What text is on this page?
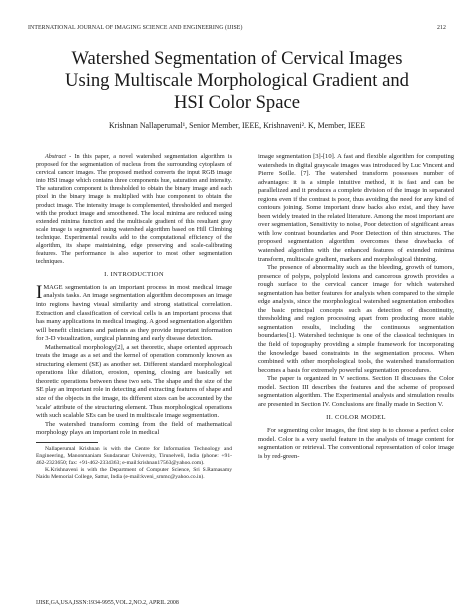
INTERNATIONAL JOURNAL OF IMAGING SCIENCE AND ENGINEERING (IJISE)	212
Watershed Segmentation of Cervical Images
Using Multiscale Morphological Gradient and
HSI Color Space
Krishnan Nallaperumal¹, Senior Member, IEEE, Krishnaveni². K, Member, IEEE

Abstract - In this paper, a novel watershed segmentation algorithm is proposed for the segmentation of nucleus from the surrounding cytoplasm of cervical cancer images. The proposed method converts the input RGB image into HSI image which contains three components hue, saturation and intensity. The saturation component is thresholded to obtain the binary image and each pixel in the binary image is multiplied with hue component to obtain the product image. The intensity image is complemented, thresholded and merged with the product image and smoothened. The local minima are reduced using extended minima function and the multiscale gradient of this resultant gray scale image is segmented using watershed algorithm based on Hill Climbing technique. Experimental results add to the computational efficiency of the algorithm, its shape maintaining, edge preserving and scale-calibrating features. The performance is also superior to most other segmentation techniques.

I. INTRODUCTION

IMAGE segmentation is an important process in most medical image analysis tasks. An image segmentation algorithm decomposes an image into regions having visual similarity and strong statistical correlation. Extraction and classification of cervical cells is an important process that has many applications in medical imaging. A good segmentation algorithm will benefit clinicians and patients as they provide important information for 3-D visualization, surgical planning and early disease detection.

Mathematical morphology[2], a set theoretic, shape oriented approach treats the image as a set and the kernel of operation commonly known as structuring element (SE) as another set. Different standard morphological operations like dilation, erosion, opening, closing are basically set theoretic operations between these two sets. The shape and the size of the SE play an important role in detecting and extracting features of shape and size of the objects in the image, its different sizes can be accounted by the 'scale' attribute of the structuring element. Thus morphological operations with such scalable SEs can be used in multiscale image segmentation.

The watershed transform coming from the field of mathematical morphology plays an important role in medical

Nallaperumal Krishnan is with the Centre for Information Technology and Engineering, Manonmaniam Sundaranar University, Tirunelveli, India (phone: +91-462-2323650; fax: +91-462-2334363; e-mail:krishnan17563@yahoo.com).

K.Krishnaveni is with the Department of Computer Science, Sri S.Ramasamy Naidu Memorial College, Sattur, India (e-mail:kveni_srnmc@yahoo.co.in).

IJISE,GA,USA,ISSN:1934-9955,VOL.2,NO.2, APRIL 2008

image segmentation [3]-[10]. A fast and flexible algorithm for computing watersheds in digital grayscale images was introduced by Luc Vincent and Pierre Soille. [7]. The watershed transform possesses number of advantages: it is a simple intuitive method, it is fast and can be parallelized and it produces a complete division of the image in separated regions even if the contrast is poor, thus avoiding the need for any kind of contours joining. Some important draw backs also exist, and they have been widely treated in the related literature. Among the most important are over segmentation, Sensitivity to noise, Poor detection of significant areas with low contrast boundaries and Poor Detection of thin structures. The proposed segmentation algorithm overcomes these drawbacks of watershed algorithm with the enhanced features of extended minima transform, multiscale gradient, markers and morphological thinning.

The presence of abnormality such as the bleeding, growth of tumors, presence of polyps, polyploid lesions and cancerous growth provides a rough surface to the cervical cancer image for which watershed segmentation has better features for analysis when compared to the simple edge analysis, since the morphological watershed segmentation embodies the basic principal concepts such as detection of discontinuity, thresholding and region processing apart from producing more stable segmentation results, including the continuous segmentation boundaries[1]. Watershed technique is one of the classical techniques in the field of topography providing a simple framework for incorporating the knowledge based constraints in the segmentation process. When combined with other morphological tools, the watershed transformation becomes a basis for extremely powerful segmentation procedures.

The paper is organized in V sections. Section II discusses the Color model. Section III describes the features and the scheme of proposed segmentation algorithm. The Experimental analysis and simulation results are presented in Section IV. Conclusions are finally made in Section V.

II. COLOR MODEL

For segmenting color images, the first step is to choose a perfect color model. Color is a very useful feature in the analysis of image content for segmentation or retrieval. The conventional representation of color image is by red-green-
